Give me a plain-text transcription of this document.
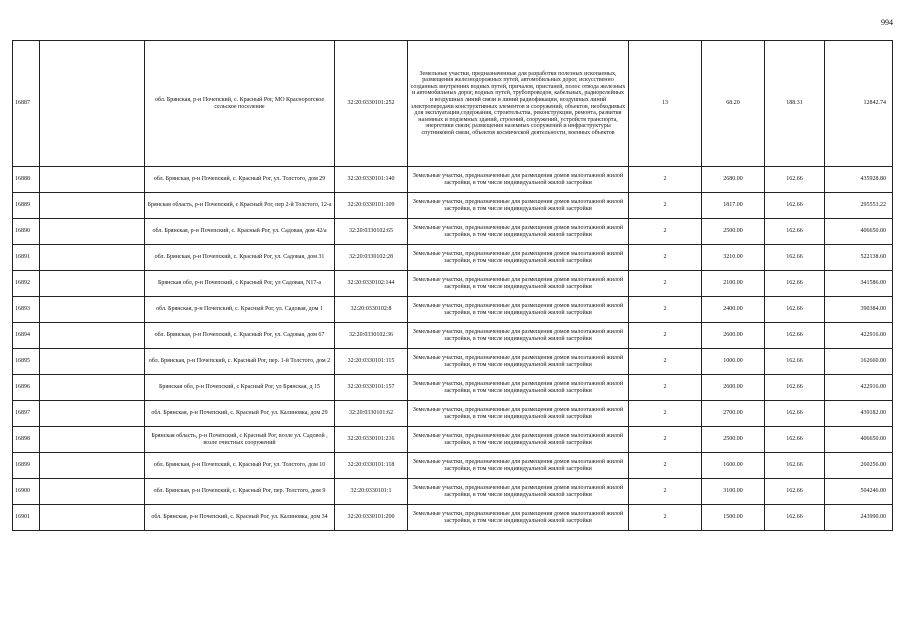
994
16887		обл. Брянская, р-н Почепский, с. Красный Рог, МО Краснорогское сельское поселение	32:20:0330101:252	Земельные участки, предназначенные для разработки полезных ископаемых, размещения железнодорожных путей, автомобильных дорог, искусственно созданных внутренних водных путей, причалов, пристаней, полос отвода железных и автомобильных дорог, водных путей, трубопроводов, кабельных, радиорелейных и воздушных линий связи и линий радиофикации, воздушных линий электропередачи конструктивных элементов и сооружений, объектов, необходимых для эксплуатации,содержания, строительства, реконструкции, ремонта, развития наземных и подземных зданий, строений, сооружений, устройств транспорта, энергетики связи; размещения наземных сооружений и инфраструктуры спутниковой связи, объектов космической деятельности, военных объектов	13	68.20	188.31	12842.74
16888		обл. Брянская, р-н Почепский, с. Красный Рог, ул. Толстого, дом 29	32:20:0330101:140	Земельные участки, предназначенные для размещения домов малоэтажной жилой застройки, в том числе индивидуальной жилой застройки	2	2680.00	162.66	435928.80
16889		Брянская область, р-н Почепский, с Красный Рог, пер 2-й Толстого, 12-а	32:20:0330101:109	Земельные участки, предназначенные для размещения домов малоэтажной жилой застройки, в том числе индивидуальной жилой застройки	2	1817.00	162.66	295553.22
16890		обл. Брянская, р-н Почепский, с. Красный Рог, ул. Садовая, дом 42/а	32:20:0330102:65	Земельные участки, предназначенные для размещения домов малоэтажной жилой застройки, в том числе индивидуальной жилой застройки	2	2500.00	162.66	406650.00
16891		обл. Брянская, р-н Почепский, с. Красный Рог, ул. Садовая, дом 31	32:20:0330102:28	Земельные участки, предназначенные для размещения домов малоэтажной жилой застройки, в том числе индивидуальной жилой застройки	2	3210.00	162.66	522138.60
16892		Брянская обл, р-н Почепский, с Красный Рог, ул Садовая, N17-а	32:20:0330102:144	Земельные участки, предназначенные для размещения домов малоэтажной жилой застройки, в том числе индивидуальной жилой застройки	2	2100.00	162.66	341586.00
16893		обл. Брянская, р-н Почепский, с. Красный Рог, ул. Садовая, дом 1	32:20:0330102:8	Земельные участки, предназначенные для размещения домов малоэтажной жилой застройки, в том числе индивидуальной жилой застройки	2	2400.00	162.66	390384.00
16894		обл. Брянская, р-н Почепский, с. Красный Рог, ул. Садовая, дом 67	32:20:0330102:36	Земельные участки, предназначенные для размещения домов малоэтажной жилой застройки, в том числе индивидуальной жилой застройки	2	2600.00	162.66	422916.00
16895		обл. Брянская, р-н Почепский, с. Красный Рог, пер. 1-й Толстого, дом 2	32:20:0330101:115	Земельные участки, предназначенные для размещения домов малоэтажной жилой застройки, в том числе индивидуальной жилой застройки	2	1000.00	162.66	162660.00
16896		Брянская обл, р-н Почепский, с Красный Рог, ул Брянская, д 15	32:20:0330101:157	Земельные участки, предназначенные для размещения домов малоэтажной жилой застройки, в том числе индивидуальной жилой застройки	2	2600.00	162.66	422916.00
16897		обл. Брянская, р-н Почепский, с. Красный Рог, ул. Калиновка, дом 29	32:20:0330101:62	Земельные участки, предназначенные для размещения домов малоэтажной жилой застройки, в том числе индивидуальной жилой застройки	2	2700.00	162.66	439182.00
16898		Брянская область, р-н Почепский, с Красный Рог, возле ул. Садовой , возле очистных сооружений	32:20:0330101:216	Земельные участки, предназначенные для размещения домов малоэтажной жилой застройки, в том числе индивидуальной жилой застройки	2	2500.00	162.66	406650.00
16899		обл. Брянская, р-н Почепский, с. Красный Рог, ул. Толстого, дом 10	32:20:0330101:118	Земельные участки, предназначенные для размещения домов малоэтажной жилой застройки, в том числе индивидуальной жилой застройки	2	1600.00	162.66	260256.00
16900		обл. Брянская, р-н Почепский, с. Красный Рог, пер. Толстого, дом 9	32:20:0330101:1	Земельные участки, предназначенные для размещения домов малоэтажной жилой застройки, в том числе индивидуальной жилой застройки	2	3100.00	162.66	504246.00
16901		обл. Брянская, р-н Почепский, с. Красный Рог, ул. Калиновка, дом 34	32:20:0330101:200	Земельные участки, предназначенные для размещения домов малоэтажной жилой застройки, в том числе индивидуальной жилой застройки	2	1500.00	162.66	243990.00
